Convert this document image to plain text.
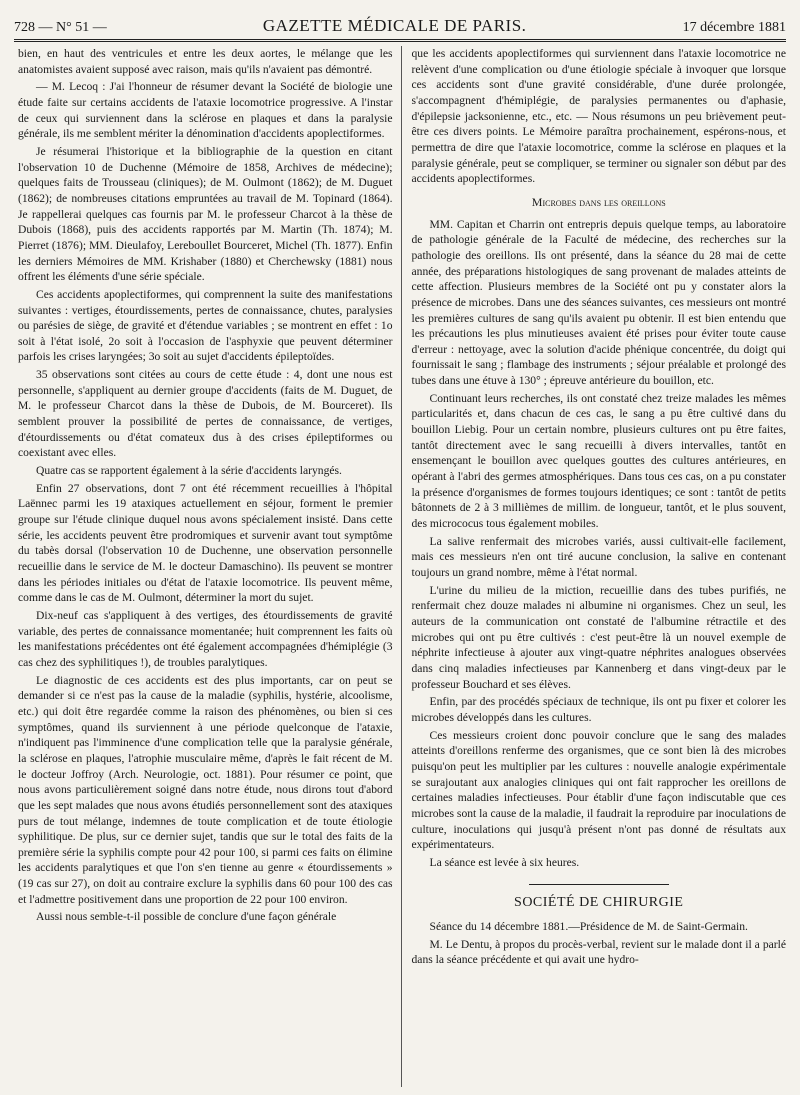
728 — N° 51 —	GAZETTE MÉDICALE DE PARIS.	17 décembre 1881

bien, en haut des ventricules et entre les deux aortes, le mélange que les anatomistes avaient supposé avec raison, mais qu'ils n'avaient pas démontré.

— M. Lecoq : J'ai l'honneur de résumer devant la Société de biologie une étude faite sur certains accidents de l'ataxie locomotrice progressive. A l'instar de ceux qui surviennent dans la sclérose en plaques et dans la paralysie générale, ils me semblent mériter la dénomination d'accidents apoplectiformes.

Je résumerai l'historique et la bibliographie de la question en citant l'observation 10 de Duchenne (Mémoire de 1858, Archives de médecine); quelques faits de Trousseau (cliniques); de M. Oulmont (1862); de M. Duguet (1862); de nombreuses citations empruntées au travail de M. Topinard (1864). Je rappellerai quelques cas fournis par M. le professeur Charcot à la thèse de Dubois (1868), puis des accidents rapportés par M. Martin (Th. 1874); M. Pierret (1876); MM. Dieulafoy, Lereboullet Bourceret, Michel (Th. 1877). Enfin les derniers Mémoires de MM. Krishaber (1880) et Cherchewsky (1881) nous offrent les éléments d'une série spéciale.

Ces accidents apoplectiformes, qui comprennent la suite des manifestations suivantes : vertiges, étourdissements, pertes de connaissance, chutes, paralysies ou parésies de siège, de gravité et d'étendue variables ; se montrent en effet : 1o soit à l'état isolé, 2o soit à l'occasion de l'asphyxie que peuvent déterminer parfois les crises laryngées; 3o soit au sujet d'accidents épileptoïdes.

35 observations sont citées au cours de cette étude : 4, dont une nous est personnelle, s'appliquent au dernier groupe d'accidents (faits de M. Duguet, de M. le professeur Charcot dans la thèse de Dubois, de M. Bourceret). Ils semblent prouver la possibilité de pertes de connaissance, de vertiges, d'étourdissements ou d'état comateux dus à des crises épileptiformes ou coexistant avec elles.

Quatre cas se rapportent également à la série d'accidents laryngés.

Enfin 27 observations, dont 7 ont été récemment recueillies à l'hôpital Laënnec parmi les 19 ataxiques actuellement en séjour, forment le premier groupe sur l'étude clinique duquel nous avons spécialement insisté. Dans cette série, les accidents peuvent être prodromiques et survenir avant tout symptôme du tabès dorsal (l'observation 10 de Duchenne, une observation personnelle recueillie dans le service de M. le docteur Damaschino). Ils peuvent se montrer dans les périodes initiales ou d'état de l'ataxie locomotrice. Ils peuvent même, comme dans le cas de M. Oulmont, déterminer la mort du sujet.

Dix-neuf cas s'appliquent à des vertiges, des étourdissements de gravité variable, des pertes de connaissance momentanée; huit comprennent les faits où les manifestations précédentes ont été également accompagnées d'hémiplégie (3 cas chez des syphilitiques !), de troubles paralytiques.

Le diagnostic de ces accidents est des plus importants, car on peut se demander si ce n'est pas la cause de la maladie (syphilis, hystérie, alcoolisme, etc.) qui doit être regardée comme la raison des phénomènes, ou bien si ces symptômes, quand ils surviennent à une période quelconque de l'ataxie, n'indiquent pas l'imminence d'une complication telle que la paralysie générale, la sclérose en plaques, l'atrophie musculaire même, d'après le fait récent de M. le docteur Joffroy (Arch. Neurologie, oct. 1881). Pour résumer ce point, que nous avons particulièrement soigné dans notre étude, nous dirons tout d'abord que les sept malades que nous avons étudiés personnellement sont des ataxiques purs de tout mélange, indemnes de toute complication et de toute étiologie syphilitique. De plus, sur ce dernier sujet, tandis que sur le total des faits de la première série la syphilis compte pour 42 pour 100, si parmi ces faits on élimine les accidents paralytiques et que l'on s'en tienne au genre « étourdissements » (19 cas sur 27), on doit au contraire exclure la syphilis dans 60 pour 100 des cas et l'admettre positivement dans une proportion de 22 pour 100 environ.

Aussi nous semble-t-il possible de conclure d'une façon générale

que les accidents apoplectiformes qui surviennent dans l'ataxie locomotrice ne relèvent d'une complication ou d'une étiologie spéciale à invoquer que lorsque ces accidents sont d'une gravité considérable, d'une durée prolongée, s'accompagnent d'hémiplégie, de paralysies permanentes ou d'aphasie, d'épilepsie jacksonienne, etc., etc. — Nous résumons un peu brièvement peut-être ces divers points. Le Mémoire paraîtra prochainement, espérons-nous, et permettra de dire que l'ataxie locomotrice, comme la sclérose en plaques et la paralysie générale, peut se compliquer, se terminer ou signaler son début par des accidents apoplectiformes.

Microbes dans les oreillons

MM. Capitan et Charrin ont entrepris depuis quelque temps, au laboratoire de pathologie générale de la Faculté de médecine, des recherches sur la pathologie des oreillons. Ils ont présenté, dans la séance du 28 mai de cette année, des préparations histologiques de sang provenant de malades atteints de cette affection. Plusieurs membres de la Société ont pu y constater alors la présence de microbes. Dans une des séances suivantes, ces messieurs ont montré les premières cultures de sang qu'ils avaient pu obtenir. Il est bien entendu que les précautions les plus minutieuses avaient été prises pour éviter toute cause d'erreur : nettoyage, avec la solution d'acide phénique concentrée, du doigt qui fournissait le sang ; flambage des instruments ; séjour préalable et prolongé des tubes dans une étuve à 130° ; épreuve antérieure du bouillon, etc.

Continuant leurs recherches, ils ont constaté chez treize malades les mêmes particularités et, dans chacun de ces cas, le sang a pu être cultivé dans du bouillon Liebig. Pour un certain nombre, plusieurs cultures ont pu être faites, tantôt directement avec le sang recueilli à divers intervalles, tantôt en ensemençant le bouillon avec quelques gouttes des cultures antérieures, en opérant à l'abri des germes atmosphériques. Dans tous ces cas, on a pu constater la présence d'organismes de formes toujours identiques; ce sont : tantôt de petits bâtonnets de 2 à 3 millièmes de millim. de longueur, tantôt, et le plus souvent, des micrococus tous également mobiles.

La salive renfermait des microbes variés, aussi cultivait-elle facilement, mais ces messieurs n'en ont tiré aucune conclusion, la salive en contenant toujours un grand nombre, même à l'état normal.

L'urine du milieu de la miction, recueillie dans des tubes purifiés, ne renfermait chez douze malades ni albumine ni organismes. Chez un seul, les auteurs de la communication ont constaté de l'albumine rétractile et des microbes qui ont pu être cultivés : c'est peut-être là un nouvel exemple de néphrite infectieuse à ajouter aux vingt-quatre néphrites analogues observées dans cinq maladies infectieuses par Kannenberg et dans vingt-deux par le professeur Bouchard et ses élèves.

Enfin, par des procédés spéciaux de technique, ils ont pu fixer et colorer les microbes développés dans les cultures.

Ces messieurs croient donc pouvoir conclure que le sang des malades atteints d'oreillons renferme des organismes, que ce sont bien là des microbes puisqu'on peut les multiplier par les cultures : nouvelle analogie expérimentale se surajoutant aux analogies cliniques qui ont fait rapprocher les oreillons de certaines maladies infectieuses. Pour établir d'une façon indiscutable que ces microbes sont la cause de la maladie, il faudrait la reproduire par inoculations de culture, inoculations qui jusqu'à présent n'ont pas donné de résultats aux expérimentateurs.

La séance est levée à six heures.

SOCIÉTÉ DE CHIRURGIE

Séance du 14 décembre 1881.—Présidence de M. de Saint-Germain.

M. Le Dentu, à propos du procès-verbal, revient sur le malade dont il a parlé dans la séance précédente et qui avait une hydro-
